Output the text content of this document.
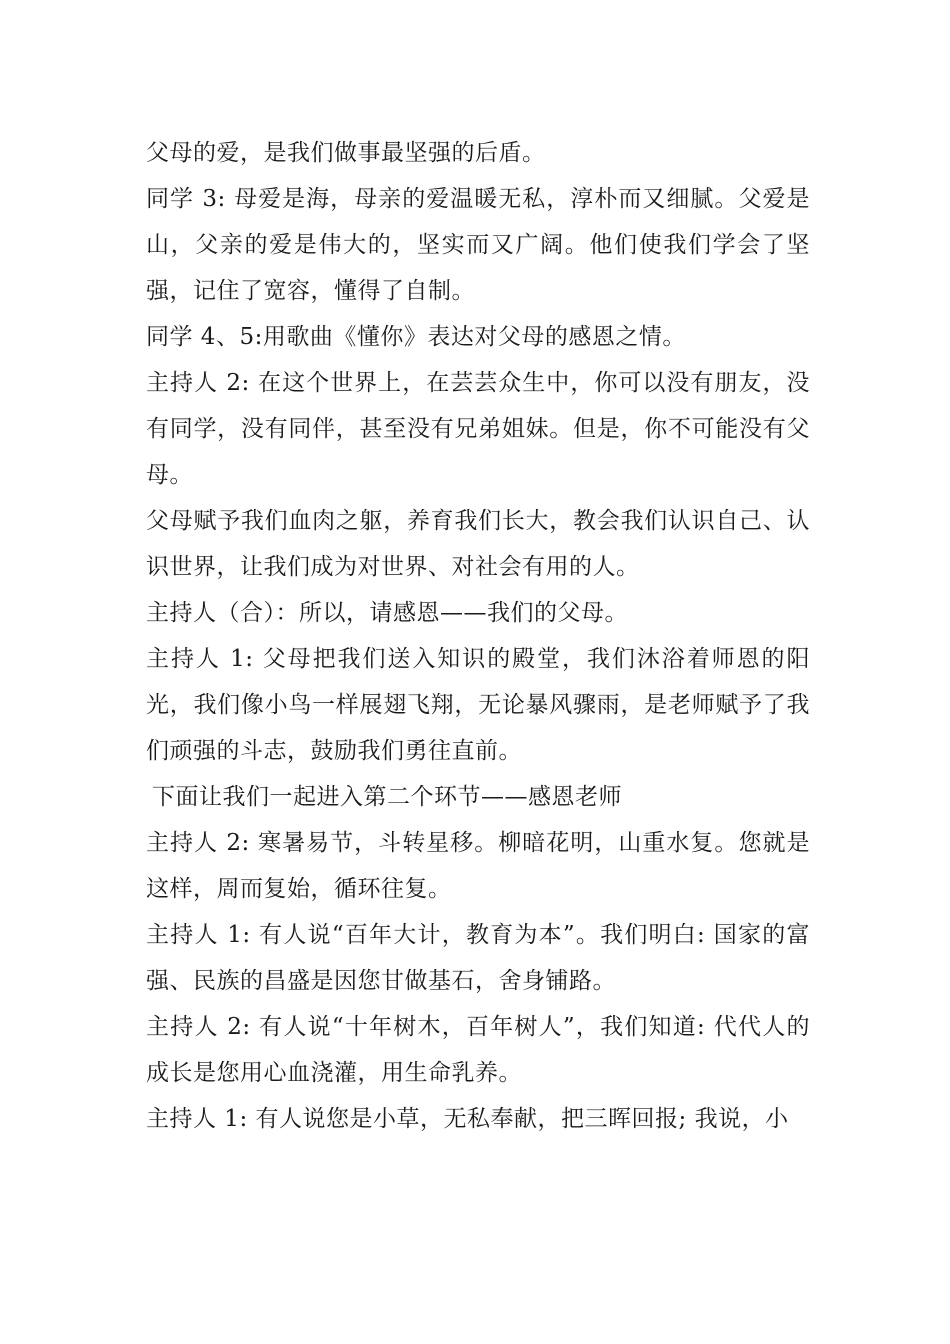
父母的爱，是我们做事最坚强的后盾。

同学 3: 母爱是海，母亲的爱温暖无私，淳朴而又细腻。父爱是山，父亲的爱是伟大的，坚实而又广阔。他们使我们学会了坚强，记住了宽容，懂得了自制。

同学 4、5:用歌曲《懂你》表达对父母的感恩之情。

主持人 2: 在这个世界上，在芸芸众生中，你可以没有朋友，没有同学，没有同伴，甚至没有兄弟姐妹。但是，你不可能没有父母。

父母赋予我们血肉之躯，养育我们长大，教会我们认识自己、认识世界，让我们成为对世界、对社会有用的人。

主持人（合）：所以，请感恩——我们的父母。

主持人 1: 父母把我们送入知识的殿堂，我们沐浴着师恩的阳光，我们像小鸟一样展翅飞翔，无论暴风骤雨，是老师赋予了我们顽强的斗志，鼓励我们勇往直前。

下面让我们一起进入第二个环节——感恩老师

主持人 2: 寒暑易节，斗转星移。柳暗花明，山重水复。您就是这样，周而复始，循环往复。

主持人 1: 有人说“百年大计，教育为本”。我们明白: 国家的富强、民族的昌盛是因您甘做基石，舍身铺路。

主持人 2: 有人说“十年树木，百年树人”，我们知道: 代代人的成长是您用心血浇灌，用生命乳养。

主持人 1: 有人说您是小草，无私奉献，把三晖回报; 我说，小
